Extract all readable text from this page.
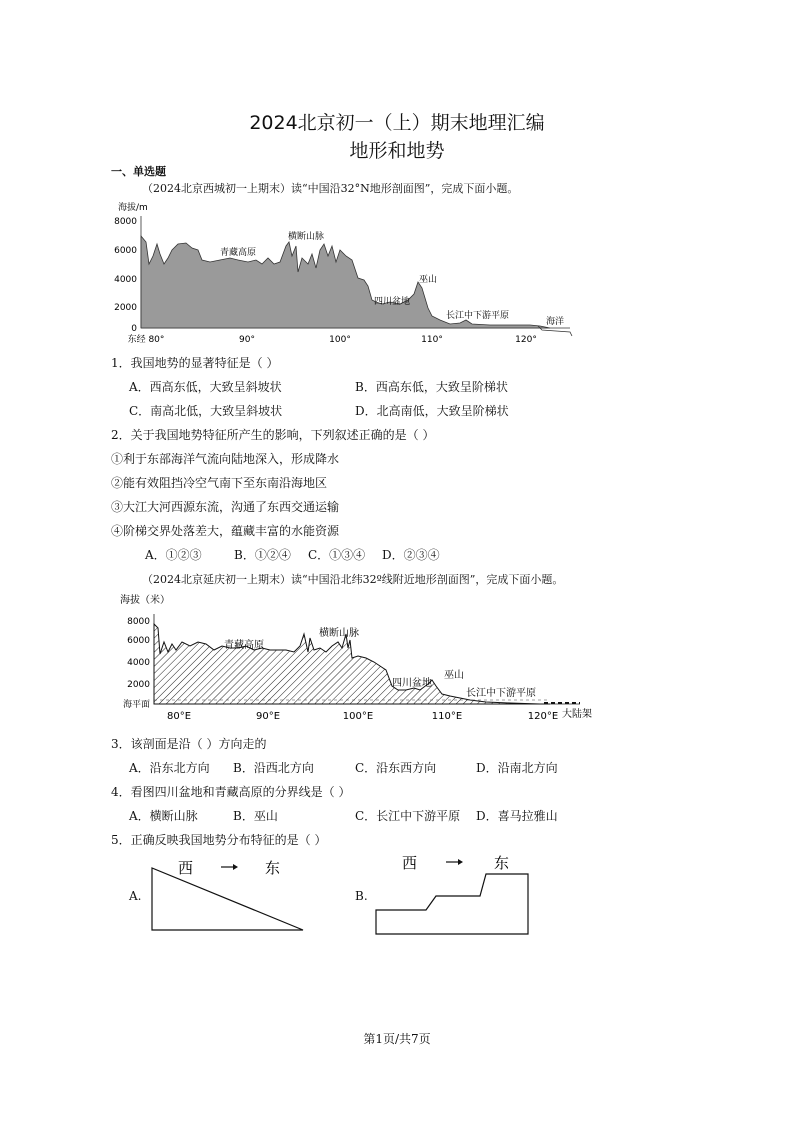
2024北京初一（上）期末地理汇编
地形和地势
一、单选题
（2024北京西城初一上期末）读“中国沿32°N地形剖面图”，完成下面小题。
海拔/m
8000
6000
4000
2000
0
东经 80°	90°	100°	110°	120°
青藏高原
横断山脉
巫山
四川盆地
长江中下游平原
海洋
1．我国地势的显著特征是（ ）
A．西高东低，大致呈斜坡状	B．西高东低，大致呈阶梯状
C．南高北低，大致呈斜坡状	D．北高南低，大致呈阶梯状
2．关于我国地势特征所产生的影响，下列叙述正确的是（ ）
①利于东部海洋气流向陆地深入，形成降水
②能有效阻挡冷空气南下至东南沿海地区
③大江大河西源东流，沟通了东西交通运输
④阶梯交界处落差大，蕴藏丰富的水能资源
A．①②③	B．①②④ C．①③④ D．②③④
（2024北京延庆初一上期末）读“中国沿北纬32º线附近地形剖面图”，完成下面小题。
海拔（米）
8000
6000
4000
2000
海平面
80°E	90°E	100°E	110°E	120°E
青藏高原
横断山脉
巫山
四川盆地
长江中下游平原
大陆架
3．该剖面是沿（ ）方向走的
A．沿东北方向 B．沿西北方向	C．沿东西方向	D．沿南北方向
4．看图四川盆地和青藏高原的分界线是（ ）
A．横断山脉	B．巫山	C．长江中下游平原 D．喜马拉雅山
5．正确反映我国地势分布特征的是（ ）
A.	B.
西	东	西	东
第1页/共7页
